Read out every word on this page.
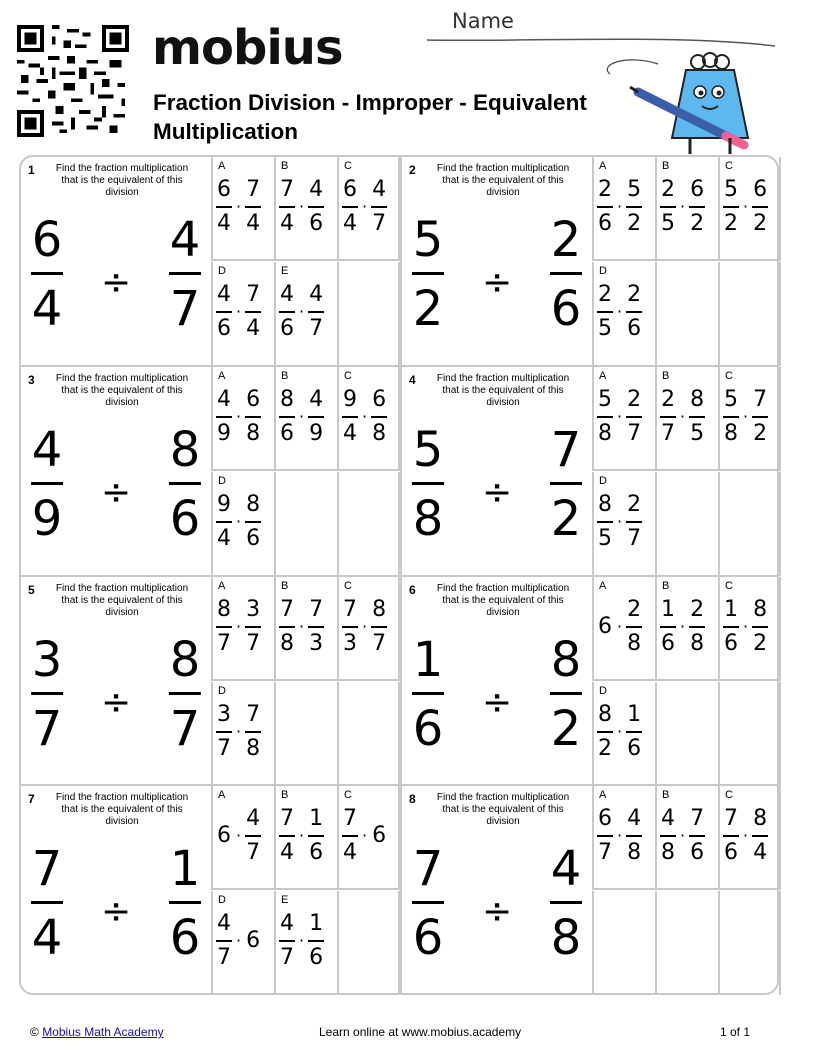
mobius
Fraction Division - Improper - Equivalent
Multiplication
Name
1	Find the fraction multiplication that is the equivalent of this division
6
4 ÷
4
7
A
6
4
·
7
4
B
7
4
·
4
6
C
6
4
·
4
7
D
4
6
·
7
4
E
4
6
·
4
7
2	Find the fraction multiplication that is the equivalent of this division
5
2 ÷
2
6
A
2
6
·
5
2
B
2
5
·
6
2
C
5
2
·
6
2
D
2
5
·
2
6
3	Find the fraction multiplication that is the equivalent of this division
4
9 ÷
8
6
A
4
9
·
6
8
B
8
6
·
4
9
C
9
4
·
6
8
D
9
4
·
8
6
4	Find the fraction multiplication that is the equivalent of this division
5
8 ÷
7
2
A
5
8
·
2
7
B
2
7
·
8
5
C
5
8
·
7
2
D
8
5
·
2
7
5	Find the fraction multiplication that is the equivalent of this division
3
7 ÷
8
7
A
8
7
·
3
7
B
7
8
·
7
3
C
7
3
·
8
7
D
3
7
·
7
8
6	Find the fraction multiplication that is the equivalent of this division
1
6 ÷
8
2
A
6 ·
2
8
B
1
6
·
2
8
C
1
6
·
8
2
D
8
2
·
1
6
7	Find the fraction multiplication that is the equivalent of this division
7
4 ÷
1
6
A
6 ·
4
7
B
7
4
·
1
6
C
7
4
· 6
D
4
7
· 6
E
4
7
·
1
6
8	Find the fraction multiplication that is the equivalent of this division
7
6 ÷
4
8
A
6
7
·
4
8
B
4
8
·
7
6
C
7
6
·
8
4
© Mobius Math Academy	Learn online at www.mobius.academy	1 of 1
